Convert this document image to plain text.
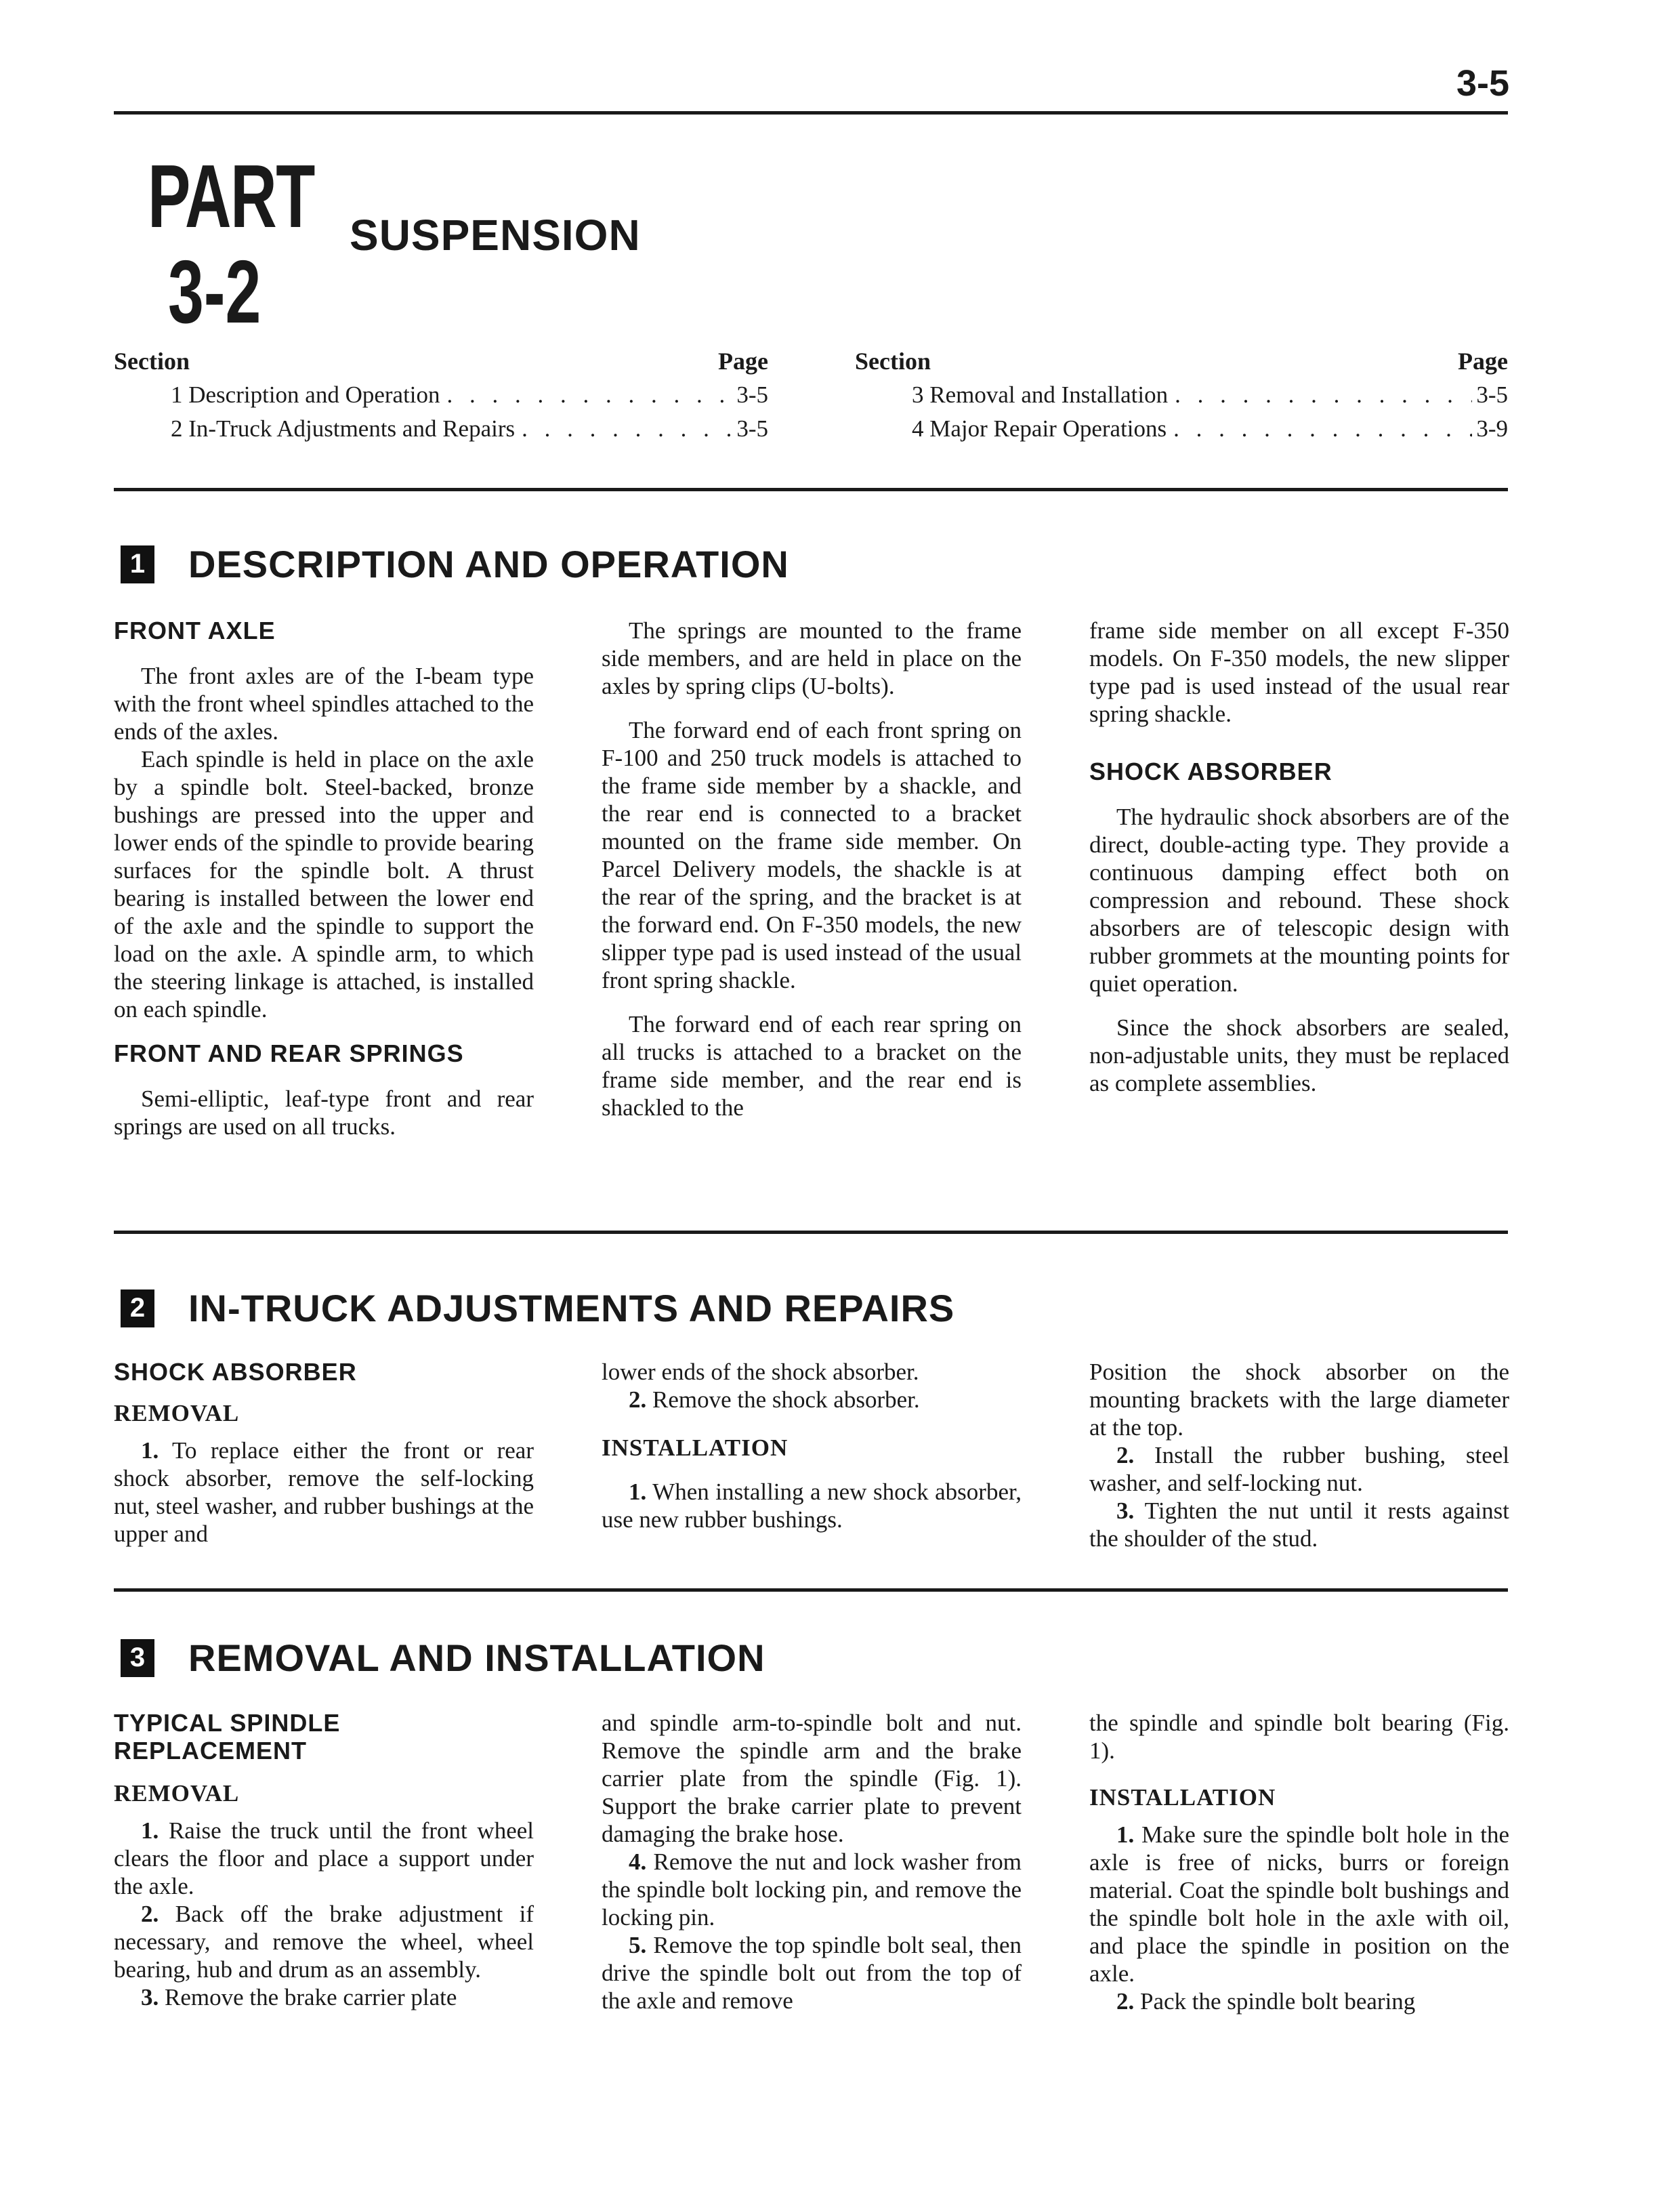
3-5
PART
3-2
SUSPENSION
Section	Page
1 Description and Operation . . .	3-5
2 In-Truck Adjustments and Repairs . . .	3-5
Section	Page
3 Removal and Installation . . .	3-5
4 Major Repair Operations . . .	3-9
1 DESCRIPTION AND OPERATION
FRONT AXLE

The front axles are of the I-beam type with the front wheel spindles attached to the ends of the axles.

Each spindle is held in place on the axle by a spindle bolt. Steel-backed, bronze bushings are pressed into the upper and lower ends of the spindle to provide bearing surfaces for the spindle bolt. A thrust bearing is installed between the lower end of the axle and the spindle to support the load on the axle. A spindle arm, to which the steering linkage is attached, is installed on each spindle.

FRONT AND REAR SPRINGS

Semi-elliptic, leaf-type front and rear springs are used on all trucks.

The springs are mounted to the frame side members, and are held in place on the axles by spring clips (U-bolts).

The forward end of each front spring on F-100 and 250 truck models is attached to the frame side member by a shackle, and the rear end is connected to a bracket mounted on the frame side member. On Parcel Delivery models, the shackle is at the rear of the spring, and the bracket is at the forward end. On F-350 models, the new slipper type pad is used instead of the usual front spring shackle.

The forward end of each rear spring on all trucks is attached to a bracket on the frame side member, and the rear end is shackled to the

frame side member on all except F-350 models. On F-350 models, the new slipper type pad is used instead of the usual rear spring shackle.

SHOCK ABSORBER

The hydraulic shock absorbers are of the direct, double-acting type. They provide a continuous damping effect both on compression and rebound. These shock absorbers are of telescopic design with rubber grommets at the mounting points for quiet operation.

Since the shock absorbers are sealed, non-adjustable units, they must be replaced as complete assemblies.

2 IN-TRUCK ADJUSTMENTS AND REPAIRS
SHOCK ABSORBER
REMOVAL

1. To replace either the front or rear shock absorber, remove the self-locking nut, steel washer, and rubber bushings at the upper and

lower ends of the shock absorber.

2. Remove the shock absorber.

INSTALLATION

1. When installing a new shock absorber, use new rubber bushings.

Position the shock absorber on the mounting brackets with the large diameter at the top.

2. Install the rubber bushing, steel washer, and self-locking nut.

3. Tighten the nut until it rests against the shoulder of the stud.

3 REMOVAL AND INSTALLATION
TYPICAL SPINDLE
REPLACEMENT
REMOVAL

1. Raise the truck until the front wheel clears the floor and place a support under the axle.

2. Back off the brake adjustment if necessary, and remove the wheel, wheel bearing, hub and drum as an assembly.

3. Remove the brake carrier plate

and spindle arm-to-spindle bolt and nut. Remove the spindle arm and the brake carrier plate from the spindle (Fig. 1). Support the brake carrier plate to prevent damaging the brake hose.

4. Remove the nut and lock washer from the spindle bolt locking pin, and remove the locking pin.

5. Remove the top spindle bolt seal, then drive the spindle bolt out from the top of the axle and remove

the spindle and spindle bolt bearing (Fig. 1).

INSTALLATION

1. Make sure the spindle bolt hole in the axle is free of nicks, burrs or foreign material. Coat the spindle bolt bushings and the spindle bolt hole in the axle with oil, and place the spindle in position on the axle.

2. Pack the spindle bolt bearing
